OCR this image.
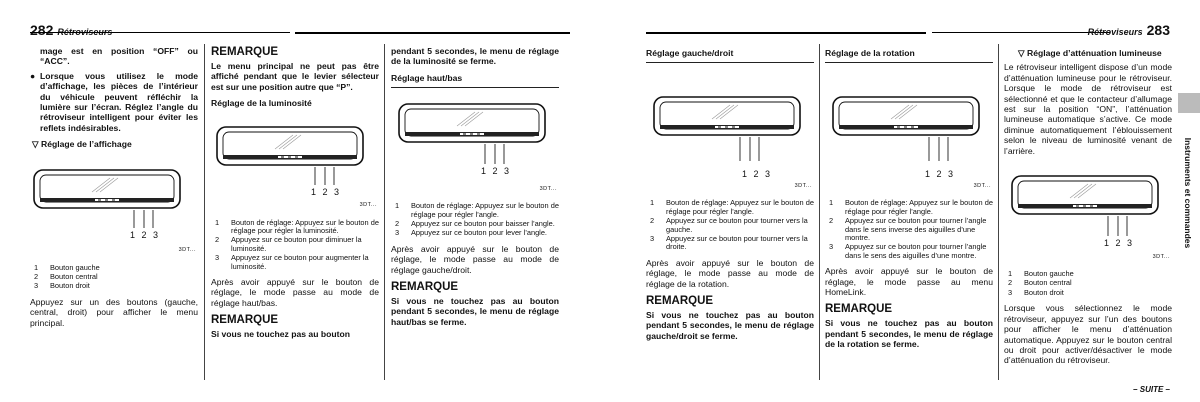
282 Rétroviseurs

mage est en position “OFF” ou “ACC”.

● Lorsque vous utilisez le mode d’affichage, les pièces de l’intérieur du véhicule peuvent réfléchir la lumière sur l’écran. Réglez l’angle du rétroviseur intelligent pour éviter les reflets indésirables.

▽ Réglage de l’affichage

1 2 3
3DT...
1	Bouton gauche
2	Bouton central
3	Bouton droit

Appuyez sur un des boutons (gauche, central, droit) pour afficher le menu principal.

REMARQUE

Le menu principal ne peut pas être affiché pendant que le levier sélecteur est sur une position autre que “P”.

Réglage de la luminosité

1 2 3
3DT...
1	Bouton de réglage: Appuyez sur le bouton de réglage pour régler la luminosité.
2	Appuyez sur ce bouton pour diminuer la luminosité.
3	Appuyez sur ce bouton pour augmenter la luminosité.

Après avoir appuyé sur le bouton de réglage, le mode passe au mode de réglage haut/bas.

REMARQUE

Si vous ne touchez pas au bouton

pendant 5 secondes, le menu de réglage de la luminosité se ferme.

Réglage haut/bas

1 2 3
3DT...
1	Bouton de réglage: Appuyez sur le bouton de réglage pour régler l’angle.
2	Appuyez sur ce bouton pour baisser l’angle.
3	Appuyez sur ce bouton pour lever l’angle.

Après avoir appuyé sur le bouton de réglage, le mode passe au mode de réglage gauche/droit.

REMARQUE

Si vous ne touchez pas au bouton pendant 5 secondes, le menu de réglage haut/bas se ferme.

Rétroviseurs 283

Réglage gauche/droit

1 2 3
3DT...
1	Bouton de réglage: Appuyez sur le bouton de réglage pour régler l’angle.
2	Appuyez sur ce bouton pour tourner vers la gauche.
3	Appuyez sur ce bouton pour tourner vers la droite.

Après avoir appuyé sur le bouton de réglage, le mode passe au mode de réglage de la rotation.

REMARQUE

Si vous ne touchez pas au bouton pendant 5 secondes, le menu de réglage gauche/droit se ferme.

Réglage de la rotation

1 2 3
3DT...
1	Bouton de réglage: Appuyez sur le bouton de réglage pour régler l’angle.
2	Appuyez sur ce bouton pour tourner l’angle dans le sens inverse des aiguilles d’une montre.
3	Appuyez sur ce bouton pour tourner l’angle dans le sens des aiguilles d’une montre.

Après avoir appuyé sur le bouton de réglage, le mode passe au menu HomeLink.

REMARQUE

Si vous ne touchez pas au bouton pendant 5 secondes, le menu de réglage de la rotation se ferme.

▽ Réglage d’atténuation lumineuse

Le rétroviseur intelligent dispose d’un mode d’atténuation lumineuse pour le rétroviseur. Lorsque le mode de rétroviseur est sélectionné et que le contacteur d’allumage est sur la position “ON”, l’atténuation lumineuse automatique s’active. Ce mode diminue automatiquement l’éblouissement selon le niveau de luminosité venant de l’arrière.

1 2 3
3DT...
1	Bouton gauche
2	Bouton central
3	Bouton droit

Lorsque vous sélectionnez le mode rétroviseur, appuyez sur l’un des boutons pour afficher le menu d’atténuation automatique. Appuyez sur le bouton central ou droit pour activer/désactiver le mode d’atténuation du rétroviseur.

– SUITE –
Instruments et commandes
